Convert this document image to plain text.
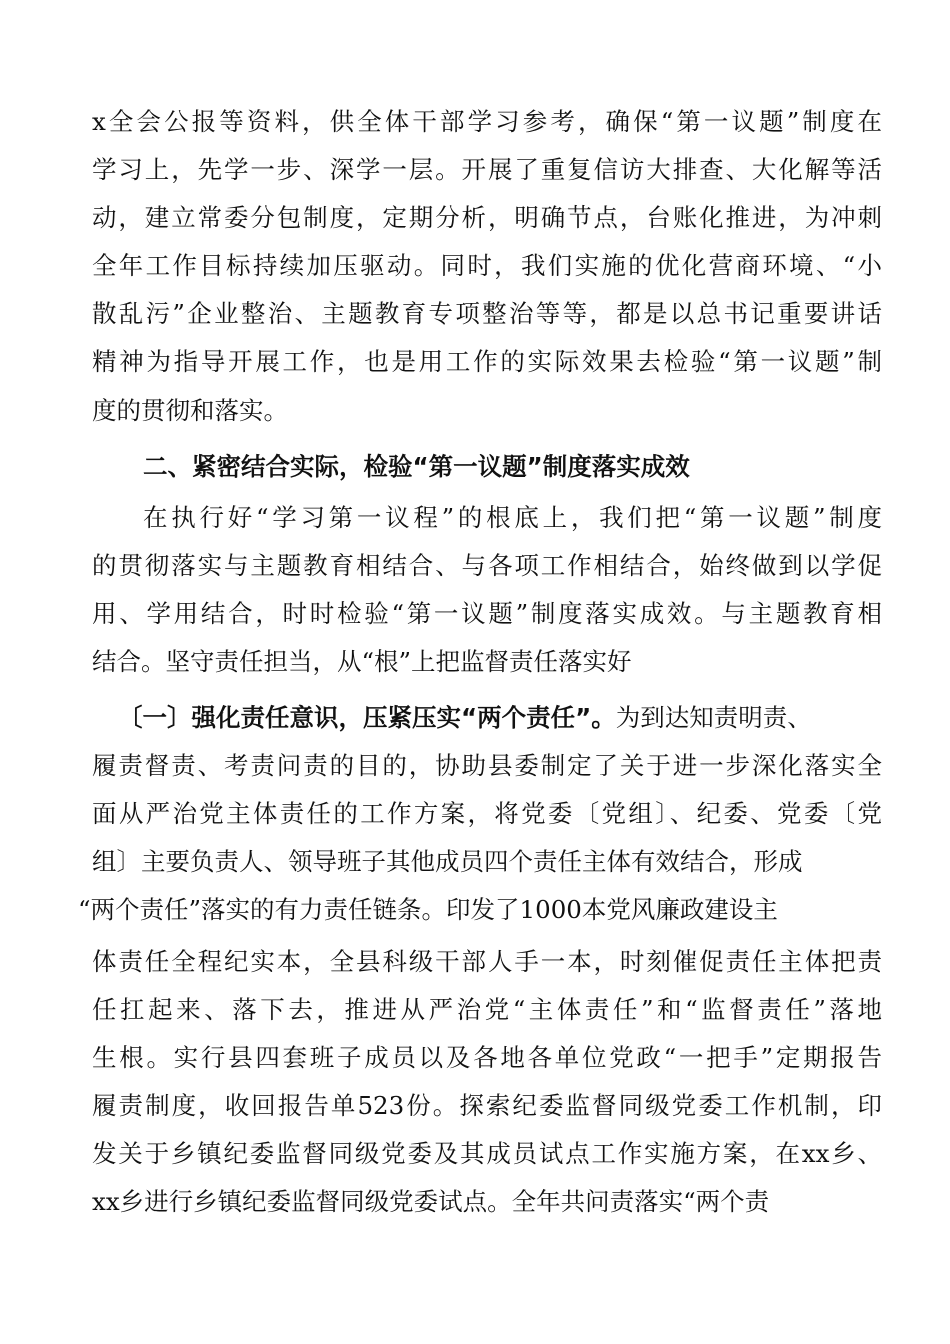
x全会公报等资料，供全体干部学习参考，确保“第一议题”制度在
学习上，先学一步、深学一层。开展了重复信访大排查、大化解等活
动，建立常委分包制度，定期分析，明确节点，台账化推进，为冲刺
全年工作目标持续加压驱动。同时，我们实施的优化营商环境、“小
散乱污”企业整治、主题教育专项整治等等，都是以总书记重要讲话
精神为指导开展工作，也是用工作的实际效果去检验“第一议题”制
度的贯彻和落实。
二、紧密结合实际，检验“第一议题”制度落实成效
在执行好“学习第一议程”的根底上，我们把“第一议题”制度
的贯彻落实与主题教育相结合、与各项工作相结合，始终做到以学促
用、学用结合，时时检验“第一议题”制度落实成效。与主题教育相
结合。坚守责任担当，从“根”上把监督责任落实好
〔一〕强化责任意识，压紧压实“两个责任”。为到达知责明责、
履责督责、考责问责的目的，协助县委制定了关于进一步深化落实全
面从严治党主体责任的工作方案，将党委〔党组〕、纪委、党委〔党
组〕主要负责人、领导班子其他成员四个责任主体有效结合，形成
“两个责任”落实的有力责任链条。印发了1000本党风廉政建设主
体责任全程纪实本，全县科级干部人手一本，时刻催促责任主体把责
任扛起来、落下去，推进从严治党“主体责任”和“监督责任”落地
生根。实行县四套班子成员以及各地各单位党政“一把手”定期报告
履责制度，收回报告单523份。探索纪委监督同级党委工作机制，印
发关于乡镇纪委监督同级党委及其成员试点工作实施方案，在xx乡、
xx乡进行乡镇纪委监督同级党委试点。全年共问责落实“两个责
